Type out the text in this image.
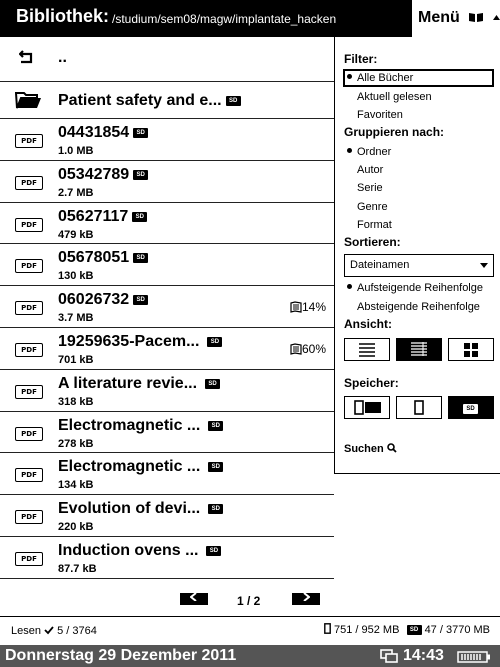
Bibliothek: /studium/sem08/magw/implantate_hacken	Menü
..
Patient safety and e... SD
PDF	04431854 SD
1.0 MB
PDF	05342789 SD
2.7 MB
PDF	05627117 SD
479 kB
PDF	05678051 SD
130 kB
PDF	06026732 SD
3.7 MB
14%
PDF	19259635-Pacem... SD
701 kB
60%
PDF	A literature revie... SD
318 kB
PDF	Electromagnetic ... SD
278 kB
PDF	Electromagnetic ... SD
134 kB
PDF	Evolution of devi... SD
220 kB
PDF	Induction ovens ... SD
87.7 kB
1 / 2
Filter:
Alle Bücher
Aktuell gelesen
Favoriten
Gruppieren nach:
Ordner
Autor
Serie
Genre
Format
Sortieren:
Dateinamen
Aufsteigende Reihenfolge
Absteigende Reihenfolge
Ansicht:
Speicher:
SD
Suchen
Lesen 5 / 3764	751 / 952 MB SD 47 / 3770 MB
Donnerstag 29 Dezember 2011	14:43
